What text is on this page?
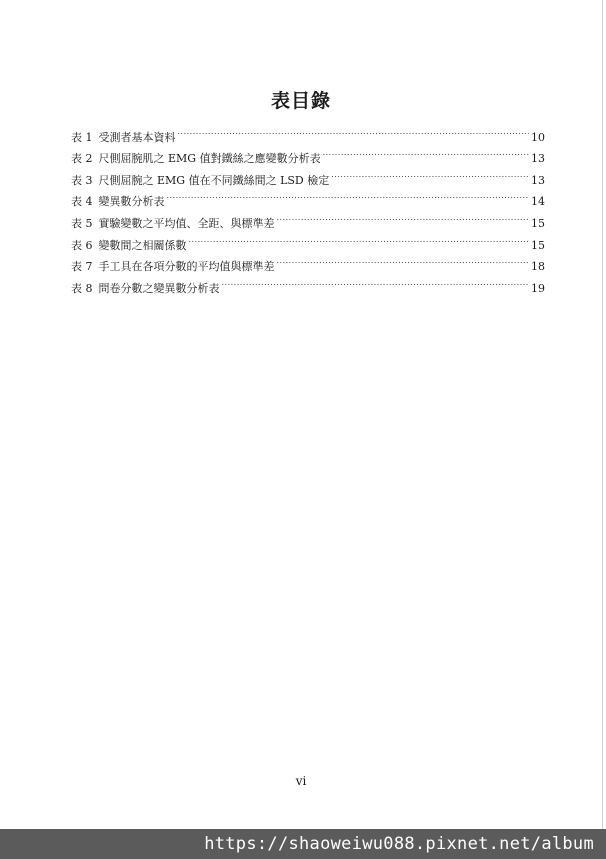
表目錄
表 1 受測者基本資料 .....	10
表 2 尺側屈腕肌之 EMG 值對鐵絲之應變數分析表 .....	13
表 3 尺側屈腕之 EMG 值在不同鐵絲間之 LSD 檢定 .....	13
表 4 變異數分析表 .....	14
表 5 實驗變數之平均值、全距、與標準差 .....	15
表 6 變數間之相關係數 .....	15
表 7 手工具在各項分數的平均值與標準差 .....	18
表 8 問卷分數之變異數分析表 .....	19
vi
https://shaoweiwu088.pixnet.net/album
